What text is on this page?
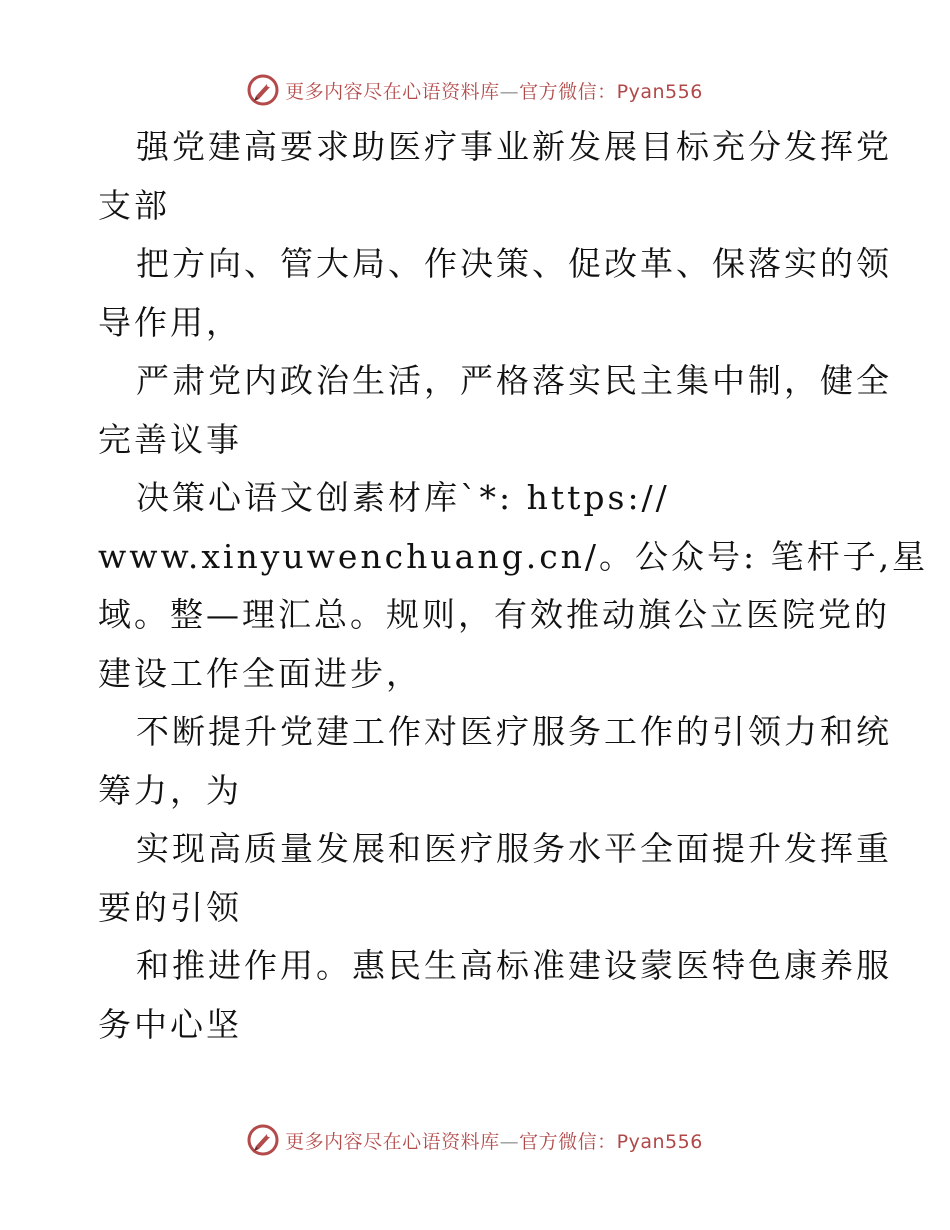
更多内容尽在心语资料库—官方微信：Pyan556
强党建高要求助医疗事业新发展目标充分发挥党
支部
把方向、管大局、作决策、促改革、保落实的领
导作用，
严肃党内政治生活，严格落实民主集中制，健全
完善议事
决策心语文创素材库`*: https://
www.xinyuwenchuang.cn/。公众号: 笔杆子,星
域。整—理汇总。规则，有效推动旗公立医院党的
建设工作全面进步，
不断提升党建工作对医疗服务工作的引领力和统
筹力，为
实现高质量发展和医疗服务水平全面提升发挥重
要的引领
和推进作用。惠民生高标准建设蒙医特色康养服
务中心坚
更多内容尽在心语资料库—官方微信：Pyan556
